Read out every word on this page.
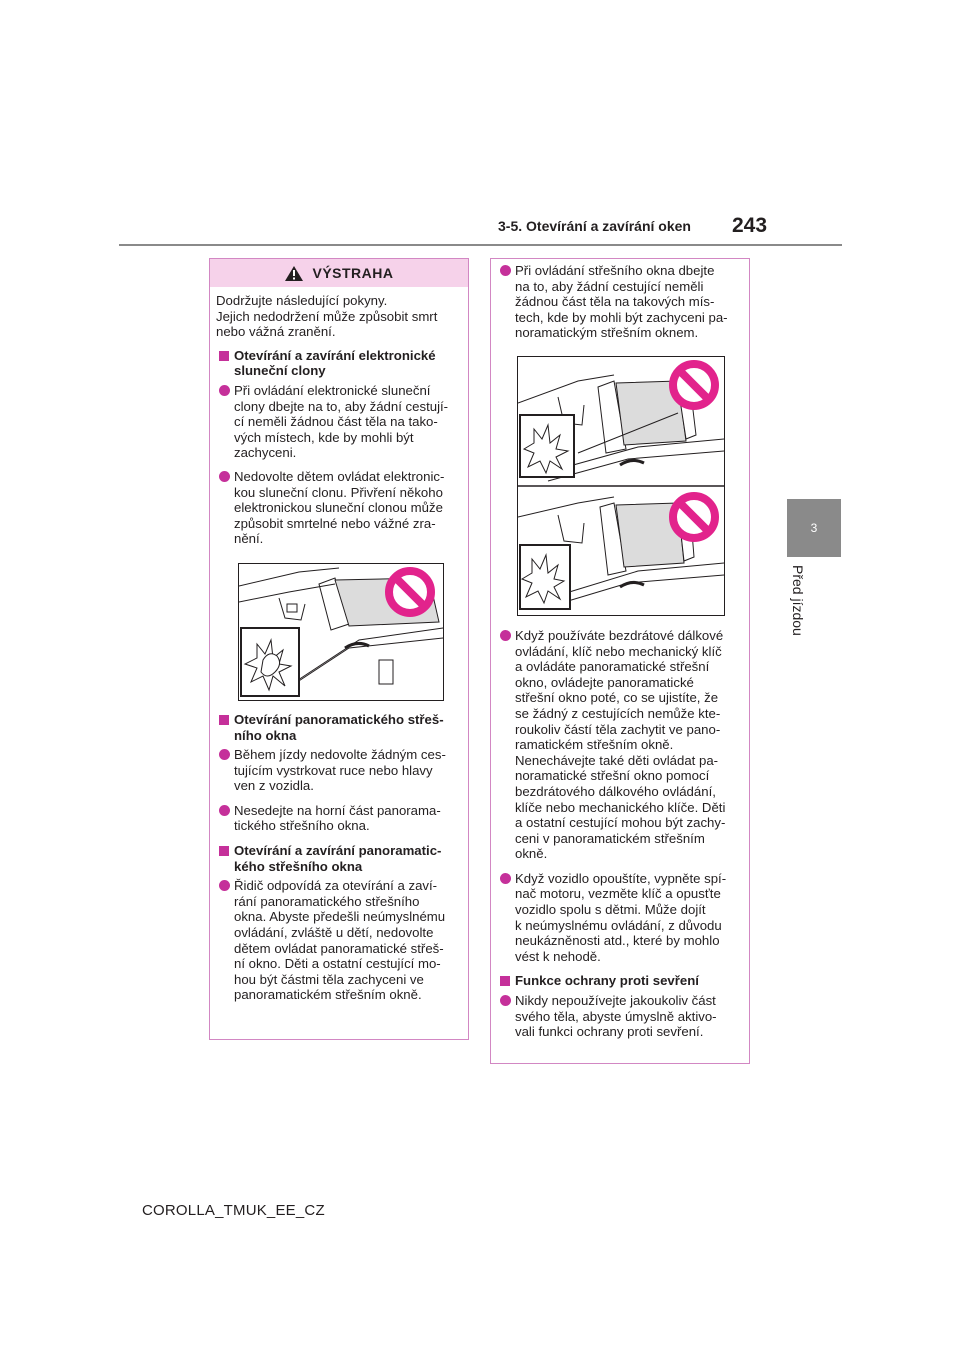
3-5. Otevírání a zavírání oken 243
3
Před jízdou
VÝSTRAHA

Dodržujte následující pokyny.
Jejich nedodržení může způsobit smrt
nebo vážná zranění.

Otevírání a zavírání elektronické
sluneční clony
Při ovládání elektronické sluneční
clony dbejte na to, aby žádní cestují-
cí neměli žádnou část těla na tako-
vých místech, kde by mohli být
zachyceni.
Nedovolte dětem ovládat elektronic-
kou sluneční clonu. Přivření někoho
elektronickou sluneční clonou může
způsobit smrtelné nebo vážné zra-
nění.
Otevírání panoramatického střeš-
ního okna
Během jízdy nedovolte žádným ces-
tujícím vystrkovat ruce nebo hlavy
ven z vozidla.
Nesedejte na horní část panorama-
tického střešního okna.
Otevírání a zavírání panoramatic-
kého střešního okna
Řidič odpovídá za otevírání a zaví-
rání panoramatického střešního
okna. Abyste předešli neúmyslnému
ovládání, zvláště u dětí, nedovolte
dětem ovládat panoramatické střeš-
ní okno. Děti a ostatní cestující mo-
hou být částmi těla zachyceni ve
panoramatickém střešním okně.
Při ovládání střešního okna dbejte
na to, aby žádní cestující neměli
žádnou část těla na takových mís-
tech, kde by mohli být zachyceni pa-
noramatickým střešním oknem.
Když používáte bezdrátové dálkové
ovládání, klíč nebo mechanický klíč
a ovládáte panoramatické střešní
okno, ovládejte panoramatické
střešní okno poté, co se ujistíte, že
se žádný z cestujících nemůže kte-
roukoliv částí těla zachytit ve pano-
ramatickém střešním okně.
Nenechávejte také děti ovládat pa-
noramatické střešní okno pomocí
bezdrátového dálkového ovládání,
klíče nebo mechanického klíče. Děti
a ostatní cestující mohou být zachy-
ceni v panoramatickém střešním
okně.
Když vozidlo opouštíte, vypněte spí-
nač motoru, vezměte klíč a opusťte
vozidlo spolu s dětmi. Může dojít
k neúmyslnému ovládání, z důvodu
neukázněnosti atd., které by mohlo
vést k nehodě.
Funkce ochrany proti sevření
Nikdy nepoužívejte jakoukoliv část
svého těla, abyste úmyslně aktivo-
vali funkci ochrany proti sevření.
COROLLA_TMUK_EE_CZ
